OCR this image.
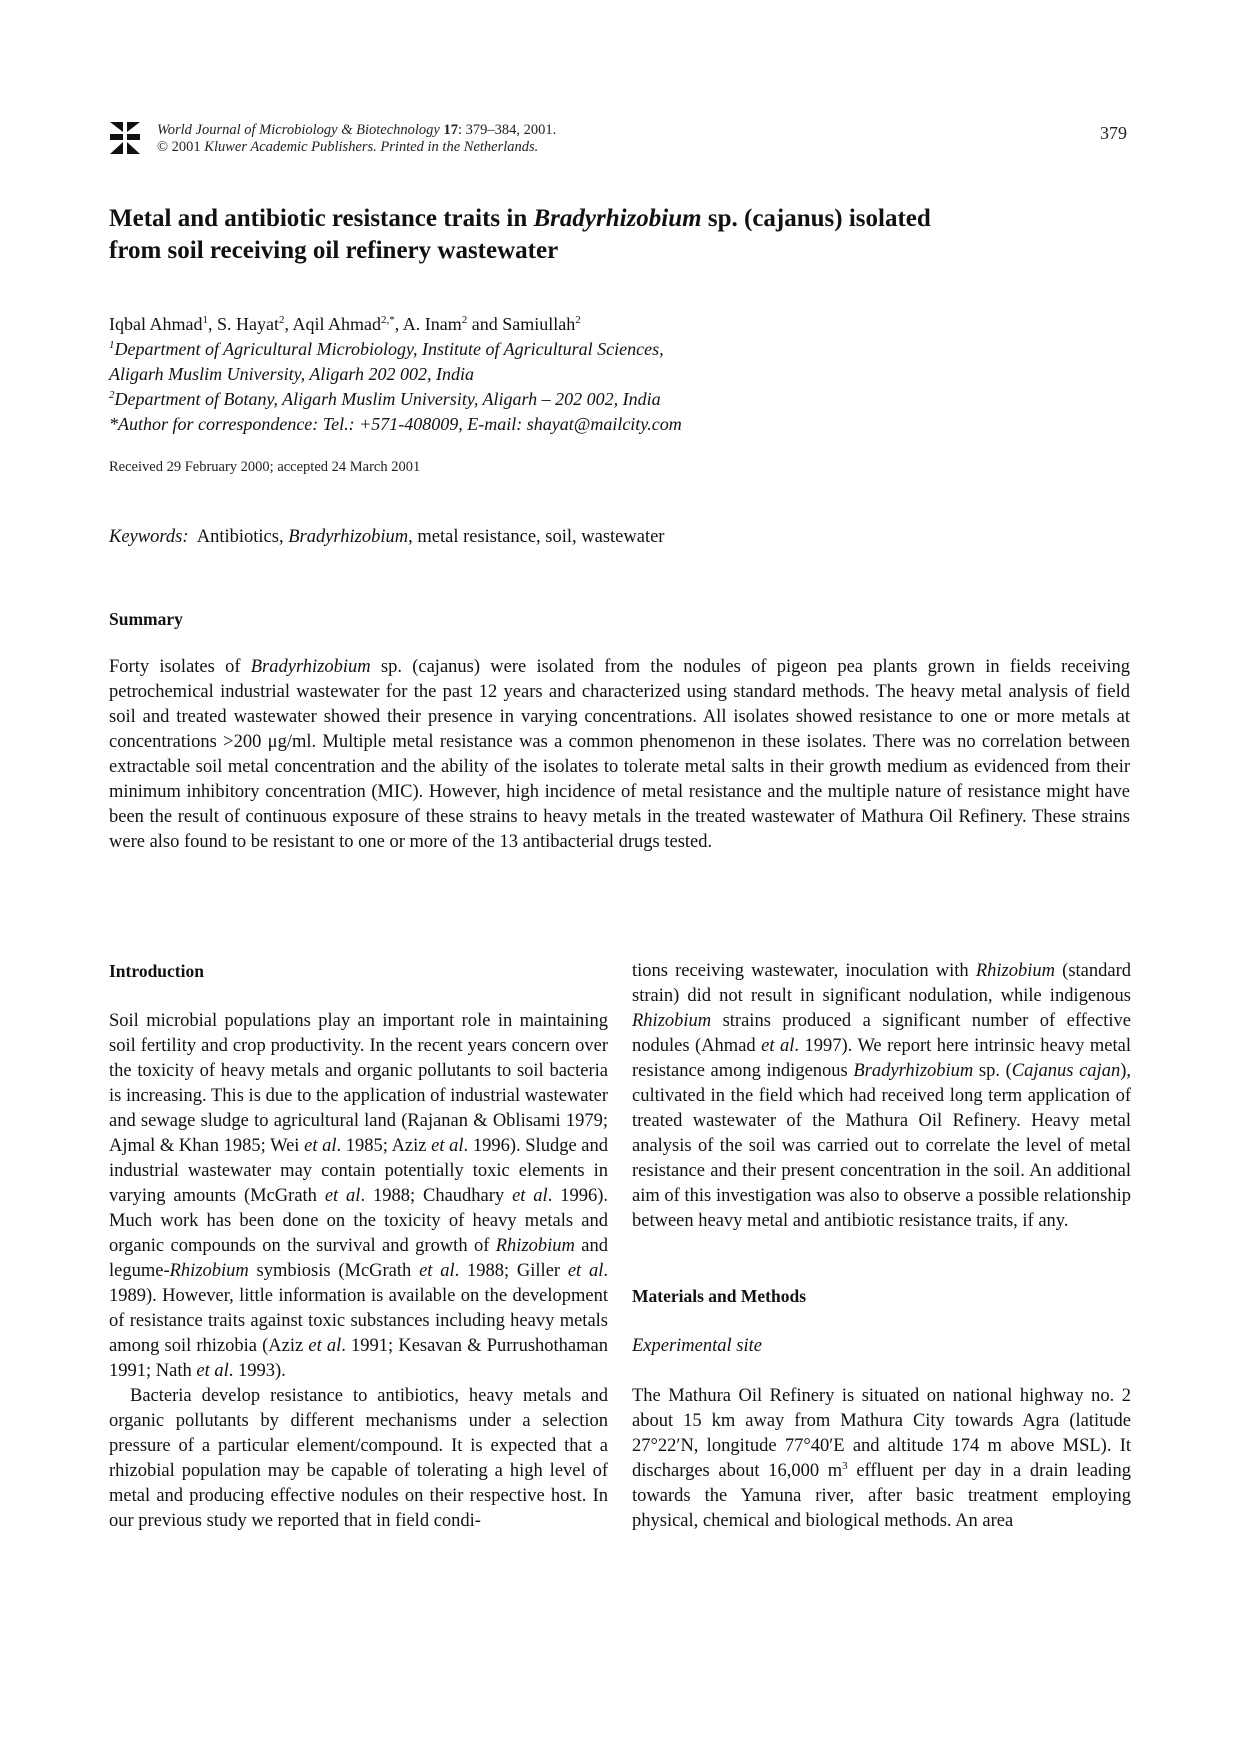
World Journal of Microbiology & Biotechnology 17: 379–384, 2001.
© 2001 Kluwer Academic Publishers. Printed in the Netherlands.
379
Metal and antibiotic resistance traits in Bradyrhizobium sp. (cajanus) isolated
from soil receiving oil refinery wastewater
Iqbal Ahmad$^1$, S. Hayat$^2$, Aqil Ahmad$^{2,*}$, A. Inam$^2$ and Samiullah$^2$
$^1$Department of Agricultural Microbiology, Institute of Agricultural Sciences,
Aligarh Muslim University, Aligarh 202 002, India
$^2$Department of Botany, Aligarh Muslim University, Aligarh – 202 002, India
*Author for correspondence: Tel.: +571-408009, E-mail: shayat@mailcity.com
Received 29 February 2000; accepted 24 March 2001
Keywords: Antibiotics, Bradyrhizobium, metal resistance, soil, wastewater
Summary
Forty isolates of Bradyrhizobium sp. (cajanus) were isolated from the nodules of pigeon pea plants grown in fields receiving petrochemical industrial wastewater for the past 12 years and characterized using standard methods. The heavy metal analysis of field soil and treated wastewater showed their presence in varying concentrations. All isolates showed resistance to one or more metals at concentrations >200 μg/ml. Multiple metal resistance was a common phenomenon in these isolates. There was no correlation between extractable soil metal concentration and the ability of the isolates to tolerate metal salts in their growth medium as evidenced from their minimum inhibitory concentration (MIC). However, high incidence of metal resistance and the multiple nature of resistance might have been the result of continuous exposure of these strains to heavy metals in the treated wastewater of Mathura Oil Refinery. These strains were also found to be resistant to one or more of the 13 antibacterial drugs tested.
Introduction

Soil microbial populations play an important role in maintaining soil fertility and crop productivity. In the recent years concern over the toxicity of heavy metals and organic pollutants to soil bacteria is increasing. This is due to the application of industrial wastewater and sewage sludge to agricultural land (Rajanan & Oblisami 1979; Ajmal & Khan 1985; Wei et al. 1985; Aziz et al. 1996). Sludge and industrial wastewater may contain potentially toxic elements in varying amounts (McGrath et al. 1988; Chaudhary et al. 1996). Much work has been done on the toxicity of heavy metals and organic compounds on the survival and growth of Rhizobium and legume-Rhizobium symbiosis (McGrath et al. 1988; Giller et al. 1989). However, little information is available on the development of resistance traits against toxic substances including heavy metals among soil rhizobia (Aziz et al. 1991; Kesavan & Purrushothaman 1991; Nath et al. 1993).

Bacteria develop resistance to antibiotics, heavy metals and organic pollutants by different mechanisms under a selection pressure of a particular element/compound. It is expected that a rhizobial population may be capable of tolerating a high level of metal and producing effective nodules on their respective host. In our previous study we reported that in field condi-

tions receiving wastewater, inoculation with Rhizobium (standard strain) did not result in significant nodulation, while indigenous Rhizobium strains produced a significant number of effective nodules (Ahmad et al. 1997). We report here intrinsic heavy metal resistance among indigenous Bradyrhizobium sp. (Cajanus cajan), cultivated in the field which had received long term application of treated wastewater of the Mathura Oil Refinery. Heavy metal analysis of the soil was carried out to correlate the level of metal resistance and their present concentration in the soil. An additional aim of this investigation was also to observe a possible relationship between heavy metal and antibiotic resistance traits, if any.

Materials and Methods
Experimental site

The Mathura Oil Refinery is situated on national highway no. 2 about 15 km away from Mathura City towards Agra (latitude 27°22′N, longitude 77°40′E and altitude 174 m above MSL). It discharges about 16,000 $m^3$ effluent per day in a drain leading towards the Yamuna river, after basic treatment employing physical, chemical and biological methods. An area
